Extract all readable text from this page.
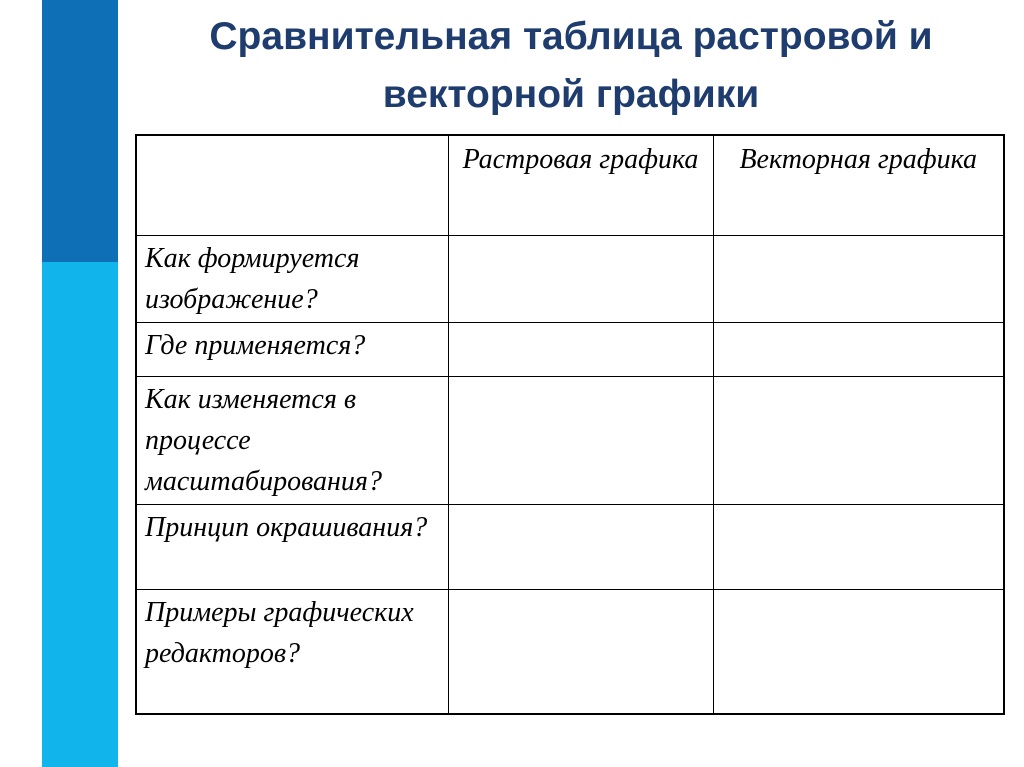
Сравнительная таблица растровой и векторной графики
	Растровая графика	Векторная графика
Как формируется изображение?		
Где применяется?		
Как изменяется в процессе масштабирования?		
Принцип окрашивания?		
Примеры графических редакторов?		
